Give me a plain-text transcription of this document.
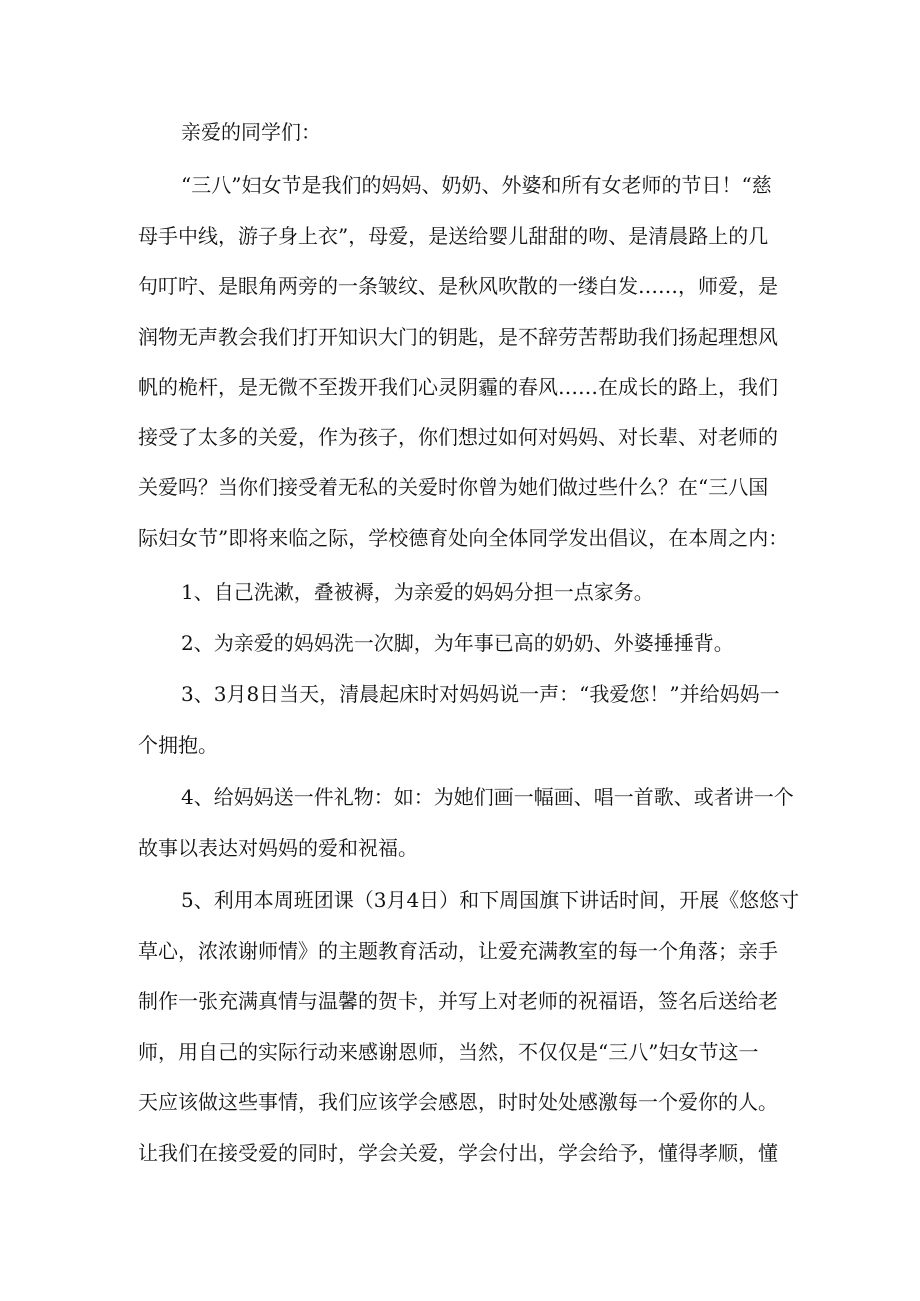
亲爱的同学们：

“三八”妇女节是我们的妈妈、奶奶、外婆和所有女老师的节日！“慈

母手中线，游子身上衣”，母爱，是送给婴儿甜甜的吻、是清晨路上的几

句叮咛、是眼角两旁的一条皱纹、是秋风吹散的一缕白发……，师爱，是

润物无声教会我们打开知识大门的钥匙，是不辞劳苦帮助我们扬起理想风

帆的桅杆，是无微不至拨开我们心灵阴霾的春风……在成长的路上，我们

接受了太多的关爱，作为孩子，你们想过如何对妈妈、对长辈、对老师的

关爱吗？当你们接受着无私的关爱时你曾为她们做过些什么？在“三八国

际妇女节”即将来临之际，学校德育处向全体同学发出倡议，在本周之内：

1、自己洗漱，叠被褥，为亲爱的妈妈分担一点家务。

2、为亲爱的妈妈洗一次脚，为年事已高的奶奶、外婆捶捶背。

3、3月8日当天，清晨起床时对妈妈说一声：“我爱您！”并给妈妈一

个拥抱。

4、给妈妈送一件礼物：如：为她们画一幅画、唱一首歌、或者讲一个

故事以表达对妈妈的爱和祝福。

5、利用本周班团课（3月4日）和下周国旗下讲话时间，开展《悠悠寸

草心，浓浓谢师情》的主题教育活动，让爱充满教室的每一个角落；亲手

制作一张充满真情与温馨的贺卡，并写上对老师的祝福语，签名后送给老

师，用自己的实际行动来感谢恩师，当然，不仅仅是“三八”妇女节这一

天应该做这些事情，我们应该学会感恩，时时处处感激每一个爱你的人。

让我们在接受爱的同时，学会关爱，学会付出，学会给予，懂得孝顺，懂
